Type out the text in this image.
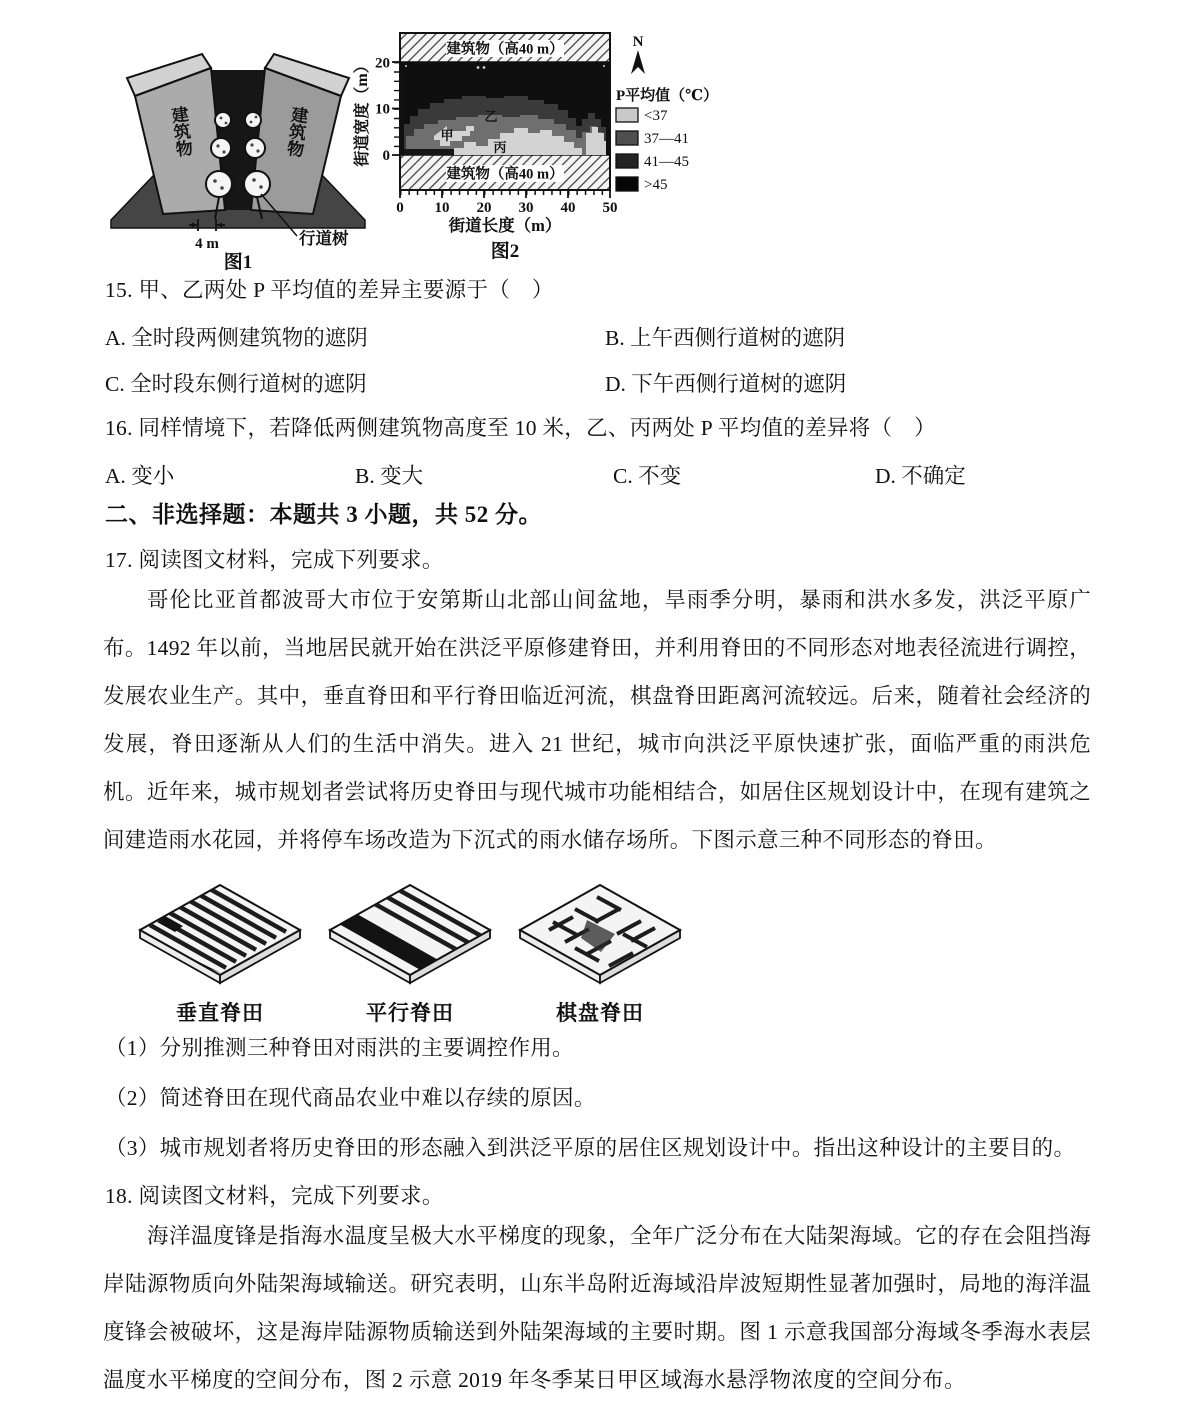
建筑物	建筑物
4 m	行道树
图1
建筑物（高40 m）
建筑物（高40 m）
甲
乙
丙
0 10 20 30 40 50
街道长度（m）
20
10
0
街道宽度（m）
N
P平均值（℃）
<37
37—41
41—45
>45
图2
15. 甲、乙两处 P 平均值的差异主要源于（　）
A. 全时段两侧建筑物的遮阴	B. 上午西侧行道树的遮阴
C. 全时段东侧行道树的遮阴	D. 下午西侧行道树的遮阴
16. 同样情境下，若降低两侧建筑物高度至 10 米，乙、丙两处 P 平均值的差异将（　）
A. 变小	B. 变大	C. 不变	D. 不确定
二、非选择题：本题共 3 小题，共 52 分。
17. 阅读图文材料，完成下列要求。
哥伦比亚首都波哥大市位于安第斯山北部山间盆地，旱雨季分明，暴雨和洪水多发，洪泛平原广布。1492 年以前，当地居民就开始在洪泛平原修建脊田，并利用脊田的不同形态对地表径流进行调控，发展农业生产。其中，垂直脊田和平行脊田临近河流，棋盘脊田距离河流较远。后来，随着社会经济的发展，脊田逐渐从人们的生活中消失。进入 21 世纪，城市向洪泛平原快速扩张，面临严重的雨洪危机。近年来，城市规划者尝试将历史脊田与现代城市功能相结合，如居住区规划设计中，在现有建筑之间建造雨水花园，并将停车场改造为下沉式的雨水储存场所。下图示意三种不同形态的脊田。
垂直脊田	平行脊田	棋盘脊田
（1）分别推测三种脊田对雨洪的主要调控作用。
（2）简述脊田在现代商品农业中难以存续的原因。
（3）城市规划者将历史脊田的形态融入到洪泛平原的居住区规划设计中。指出这种设计的主要目的。
18. 阅读图文材料，完成下列要求。
海洋温度锋是指海水温度呈极大水平梯度的现象，全年广泛分布在大陆架海域。它的存在会阻挡海岸陆源物质向外陆架海域输送。研究表明，山东半岛附近海域沿岸波短期性显著加强时，局地的海洋温度锋会被破坏，这是海岸陆源物质输送到外陆架海域的主要时期。图 1 示意我国部分海域冬季海水表层温度水平梯度的空间分布，图 2 示意 2019 年冬季某日甲区域海水悬浮物浓度的空间分布。
